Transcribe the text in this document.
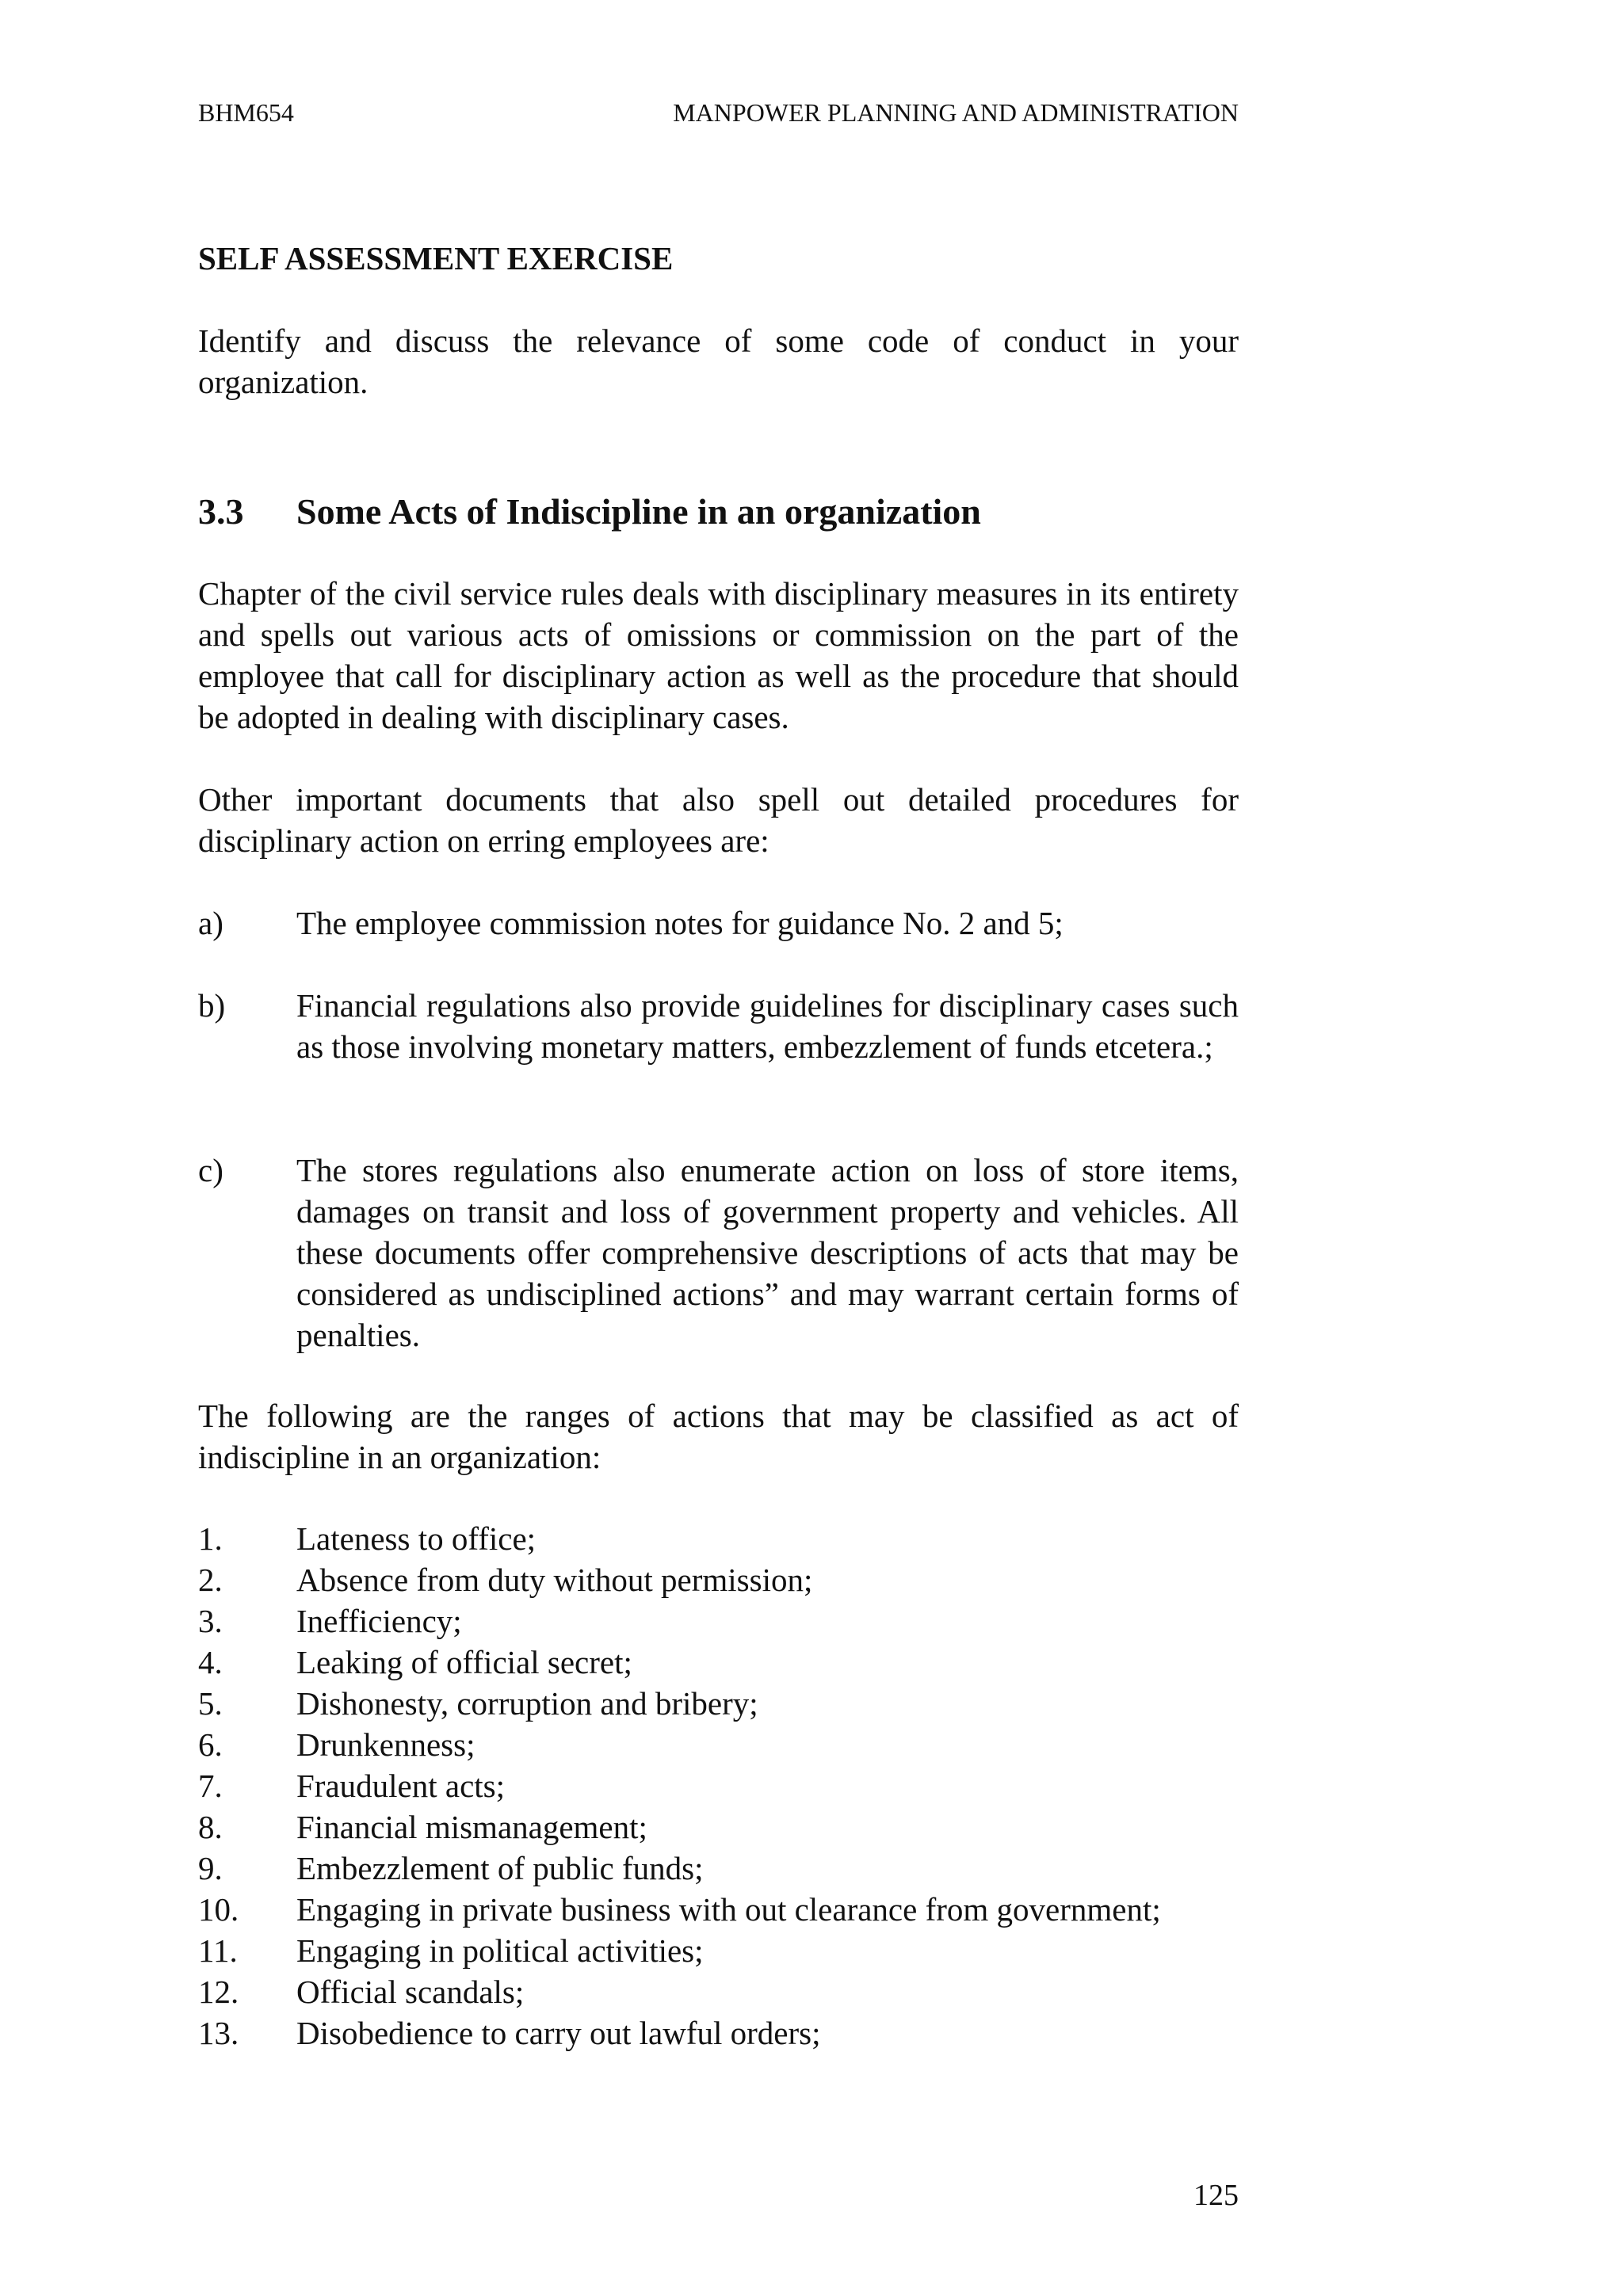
BHM654	MANPOWER PLANNING AND ADMINISTRATION
SELF ASSESSMENT EXERCISE

Identify and discuss the relevance of some code of conduct in your organization.

3.3 Some Acts of Indiscipline in an organization

Chapter of the civil service rules deals with disciplinary measures in its entirety and spells out various acts of omissions or commission on the part of the employee that call for disciplinary action as well as the procedure that should be adopted in dealing with disciplinary cases.

Other important documents that also spell out detailed procedures for disciplinary action on erring employees are:

a) The employee commission notes for guidance No. 2 and 5;

b) Financial regulations also provide guidelines for disciplinary cases such as those involving monetary matters, embezzlement of funds etcetera.;

c) The stores regulations also enumerate action on loss of store items, damages on transit and loss of government property and vehicles. All these documents offer comprehensive descriptions of acts that may be considered as undisciplined actions” and may warrant certain forms of penalties.

The following are the ranges of actions that may be classified as act of indiscipline in an organization:

1. Lateness to office;
2. Absence from duty without permission;
3. Inefficiency;
4. Leaking of official secret;
5. Dishonesty, corruption and bribery;
6. Drunkenness;
7. Fraudulent acts;
8. Financial mismanagement;
9. Embezzlement of public funds;
10. Engaging in private business with out clearance from government;
11. Engaging in political activities;
12. Official scandals;
13. Disobedience to carry out lawful orders;
125
